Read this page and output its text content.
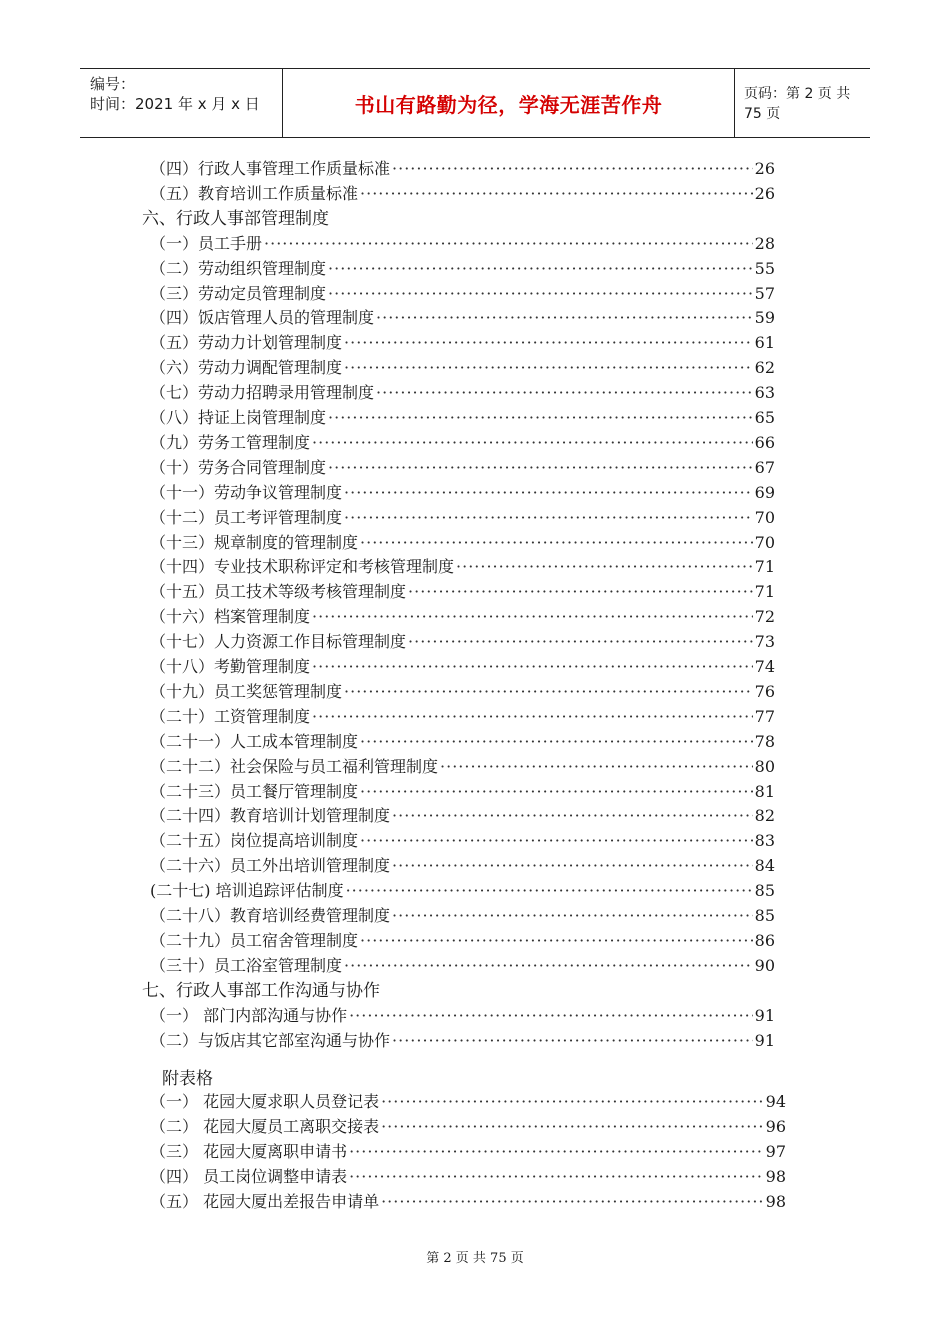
编号：
时间：2021 年 x 月 x 日	书山有路勤为径，学海无涯苦作舟	页码：第 2 页 共 75 页
（四）行政人事管理工作质量标准 ·····	26
（五）教育培训工作质量标准 ·····	26
六、行政人事部管理制度
（一）员工手册 ·····	28
（二）劳动组织管理制度 ·····	55
（三）劳动定员管理制度 ·····	57
（四）饭店管理人员的管理制度 ·····	59
（五）劳动力计划管理制度 ·····	61
（六）劳动力调配管理制度 ·····	62
（七）劳动力招聘录用管理制度 ·····	63
（八）持证上岗管理制度 ·····	65
（九）劳务工管理制度 ·····	66
（十）劳务合同管理制度 ·····	67
（十一）劳动争议管理制度 ·····	69
（十二）员工考评管理制度 ·····	70
（十三）规章制度的管理制度 ·····	70
（十四）专业技术职称评定和考核管理制度 ·····	71
（十五）员工技术等级考核管理制度 ·····	71
（十六）档案管理制度 ·····	72
（十七）人力资源工作目标管理制度 ·····	73
（十八）考勤管理制度 ·····	74
（十九）员工奖惩管理制度 ·····	76
（二十）工资管理制度 ·····	77
（二十一）人工成本管理制度 ·····	78
（二十二）社会保险与员工福利管理制度 ·····	80
（二十三）员工餐厅管理制度 ·····	81
（二十四）教育培训计划管理制度 ·····	82
（二十五）岗位提高培训制度 ·····	83
（二十六）员工外出培训管理制度 ·····	84
(二十七) 培训追踪评估制度 ·····	85
（二十八）教育培训经费管理制度 ·····	85
（二十九）员工宿舍管理制度 ·····	86
（三十）员工浴室管理制度 ·····	90
七、行政人事部工作沟通与协作
（一） 部门内部沟通与协作 ·····	91
（二）与饭店其它部室沟通与协作 ·····	91
附表格
（一） 花园大厦求职人员登记表 ·····	94
（二） 花园大厦员工离职交接表 ·····	96
（三） 花园大厦离职申请书 ·····	97
（四） 员工岗位调整申请表 ·····	98
（五） 花园大厦出差报告申请单 ·····	98
第 2 页 共 75 页
